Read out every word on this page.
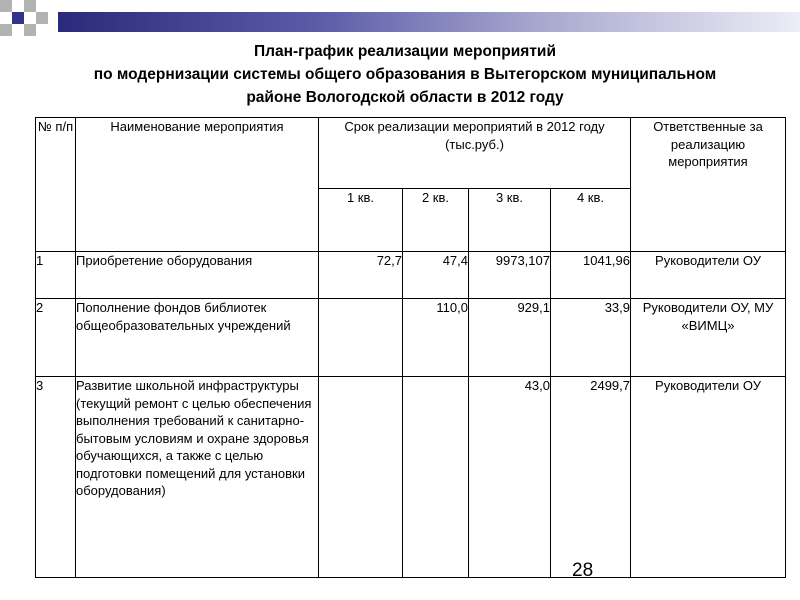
План-график реализации мероприятий
по модернизации системы общего образования в Вытегорском муниципальном
районе Вологодской области в 2012 году
№ п/п	Наименование мероприятия	Срок реализации мероприятий в 2012 году (тыс.руб.)				Ответственные за реализацию мероприятия
		1 кв.	2 кв.	3 кв.	4 кв.	
1	Приобретение оборудования	72,7	47,4	9973,107	1041,96	Руководители ОУ
2	Пополнение фондов библиотек общеобразовательных учреждений		110,0	929,1	33,9	Руководители ОУ, МУ «ВИМЦ»
3	Развитие школьной инфраструктуры (текущий ремонт с целью обеспечения выполнения требований к санитарно-бытовым условиям и охране здоровья обучающихся, а также с целью подготовки помещений для установки оборудования)			43,0	2499,7	Руководители ОУ
28
